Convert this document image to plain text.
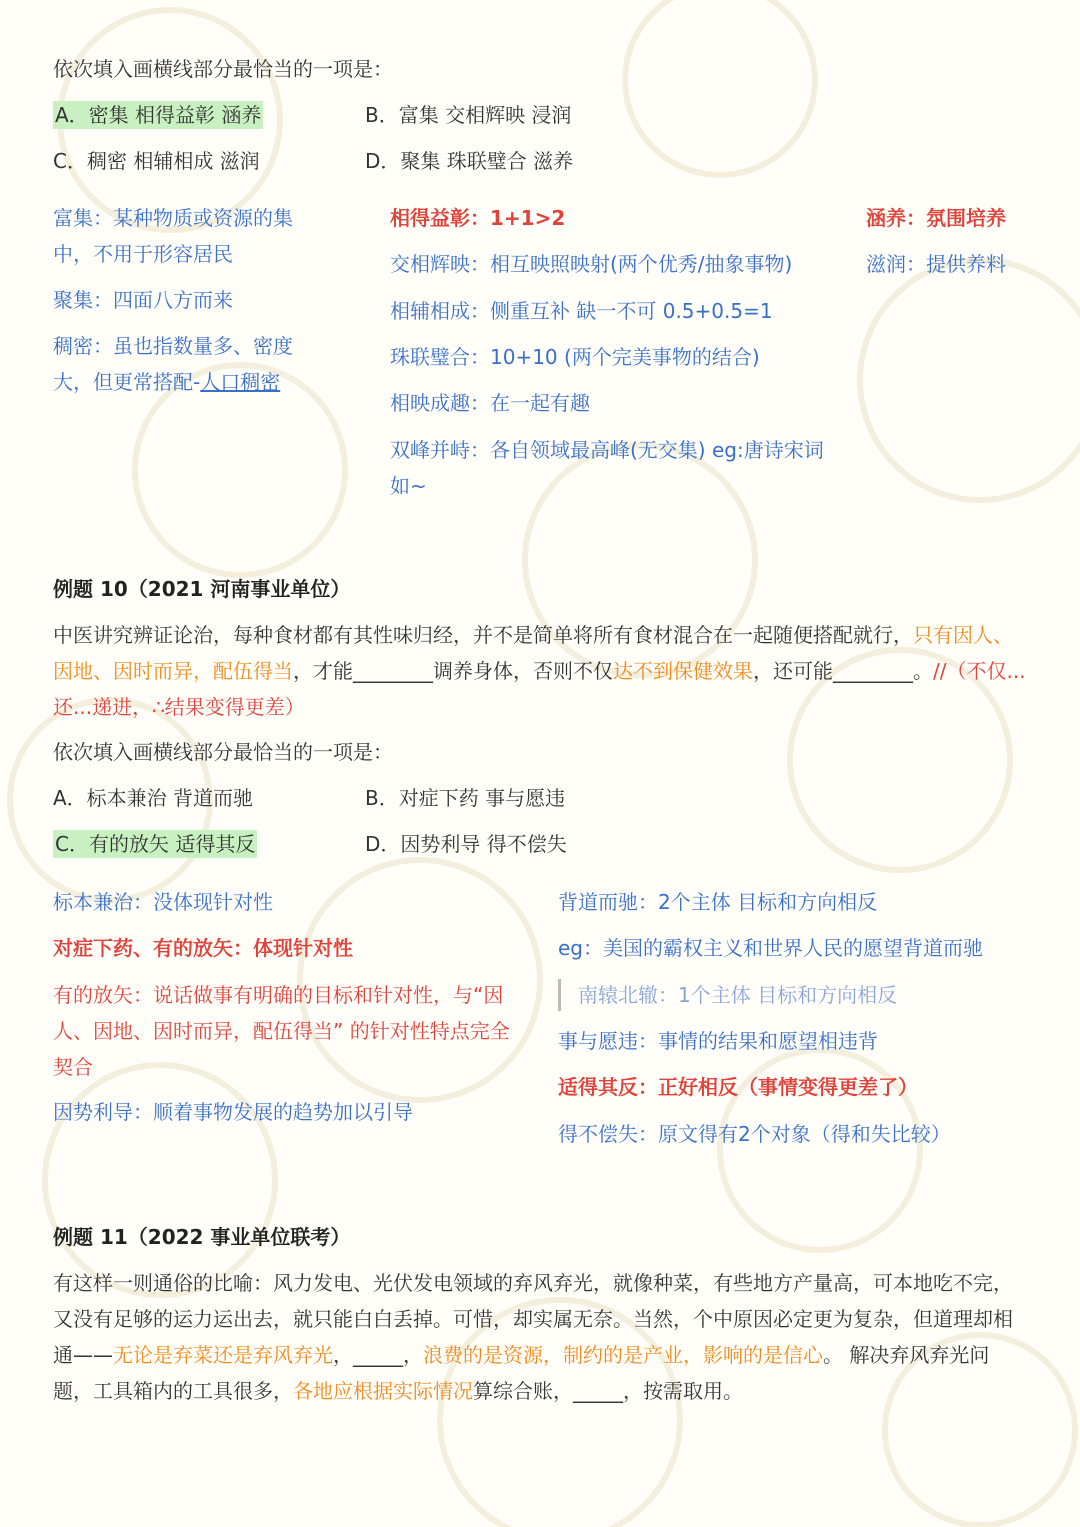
依次填入画横线部分最恰当的一项是：
A．密集 相得益彰 涵养	B．富集 交相辉映 浸润
C．稠密 相辅相成 滋润	D．聚集 珠联璧合 滋养
富集：某种物质或资源的集中，不用于形容居民
聚集：四面八方而来
稠密：虽也指数量多、密度大，但更常搭配-人口稠密
相得益彰：1+1>2
交相辉映：相互映照映射(两个优秀/抽象事物)
相辅相成：侧重互补 缺一不可 0.5+0.5=1
珠联璧合：10+10 (两个完美事物的结合)
相映成趣：在一起有趣
双峰并峙：各自领域最高峰(无交集) eg:唐诗宋词如~
涵养：氛围培养
滋润：提供养料
例题 10（2021 河南事业单位）
中医讲究辨证论治，每种食材都有其性味归经，并不是简单将所有食材混合在一起随便搭配就行，只有因人、因地、因时而异，配伍得当，才能________调养身体，否则不仅达不到保健效果，还可能________。//（不仅...还...递进，∴结果变得更差）
依次填入画横线部分最恰当的一项是：
A．标本兼治 背道而驰	B．对症下药 事与愿违
C．有的放矢 适得其反	D．因势利导 得不偿失
标本兼治：没体现针对性
对症下药、有的放矢：体现针对性
有的放矢：说话做事有明确的目标和针对性，与“因人、因地、因时而异，配伍得当” 的针对性特点完全契合
因势利导：顺着事物发展的趋势加以引导
背道而驰：2个主体 目标和方向相反
eg：美国的霸权主义和世界人民的愿望背道而驰
南辕北辙：1个主体 目标和方向相反
事与愿违：事情的结果和愿望相违背
适得其反：正好相反（事情变得更差了）
得不偿失：原文得有2个对象（得和失比较）
例题 11（2022 事业单位联考）
有这样一则通俗的比喻：风力发电、光伏发电领域的弃风弃光，就像种菜，有些地方产量高，可本地吃不完，又没有足够的运力运出去，就只能白白丢掉。可惜，却实属无奈。当然，个中原因必定更为复杂，但道理却相通——无论是弃菜还是弃风弃光，_____，浪费的是资源，制约的是产业，影响的是信心。 解决弃风弃光问题，工具箱内的工具很多，各地应根据实际情况算综合账，_____，按需取用。
